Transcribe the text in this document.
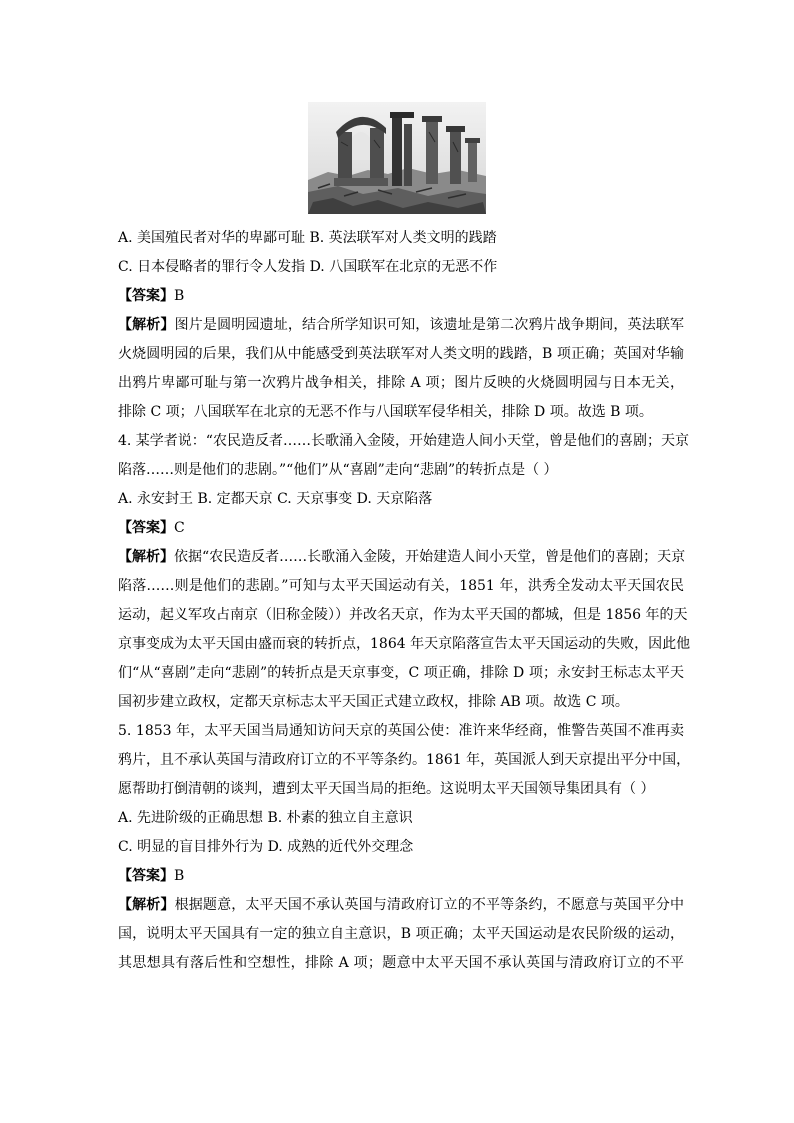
A. 美国殖民者对华的卑鄙可耻 B. 英法联军对人类文明的践踏
C. 日本侵略者的罪行令人发指 D. 八国联军在北京的无恶不作
【答案】B
【解析】图片是圆明园遗址，结合所学知识可知，该遗址是第二次鸦片战争期间，英法联军
火烧圆明园的后果，我们从中能感受到英法联军对人类文明的践踏，B 项正确；英国对华输
出鸦片卑鄙可耻与第一次鸦片战争相关，排除 A 项；图片反映的火烧圆明园与日本无关，
排除 C 项；八国联军在北京的无恶不作与八国联军侵华相关，排除 D 项。故选 B 项。
4. 某学者说：“农民造反者……长歌涌入金陵，开始建造人间小天堂，曾是他们的喜剧；天京
陷落……则是他们的悲剧。”“他们”从“喜剧”走向“悲剧”的转折点是（ ）
A. 永安封王 B. 定都天京 C. 天京事变 D. 天京陷落
【答案】C
【解析】依据“农民造反者……长歌涌入金陵，开始建造人间小天堂，曾是他们的喜剧；天京
陷落……则是他们的悲剧。”可知与太平天国运动有关，1851 年，洪秀全发动太平天国农民
运动，起义军攻占南京（旧称金陵））并改名天京，作为太平天国的都城，但是 1856 年的天
京事变成为太平天国由盛而衰的转折点，1864 年天京陷落宣告太平天国运动的失败，因此他
们“从“喜剧”走向“悲剧”的转折点是天京事变，C 项正确，排除 D 项；永安封王标志太平天
国初步建立政权，定都天京标志太平天国正式建立政权，排除 AB 项。故选 C 项。
5. 1853 年，太平天国当局通知访问天京的英国公使：准许来华经商，惟警告英国不准再卖
鸦片，且不承认英国与清政府订立的不平等条约。1861 年，英国派人到天京提出平分中国，
愿帮助打倒清朝的谈判，遭到太平天国当局的拒绝。这说明太平天国领导集团具有（ ）
A. 先进阶级的正确思想 B. 朴素的独立自主意识
C. 明显的盲目排外行为 D. 成熟的近代外交理念
【答案】B
【解析】根据题意，太平天国不承认英国与清政府订立的不平等条约，不愿意与英国平分中
国，说明太平天国具有一定的独立自主意识，B 项正确；太平天国运动是农民阶级的运动，
其思想具有落后性和空想性，排除 A 项；题意中太平天国不承认英国与清政府订立的不平
